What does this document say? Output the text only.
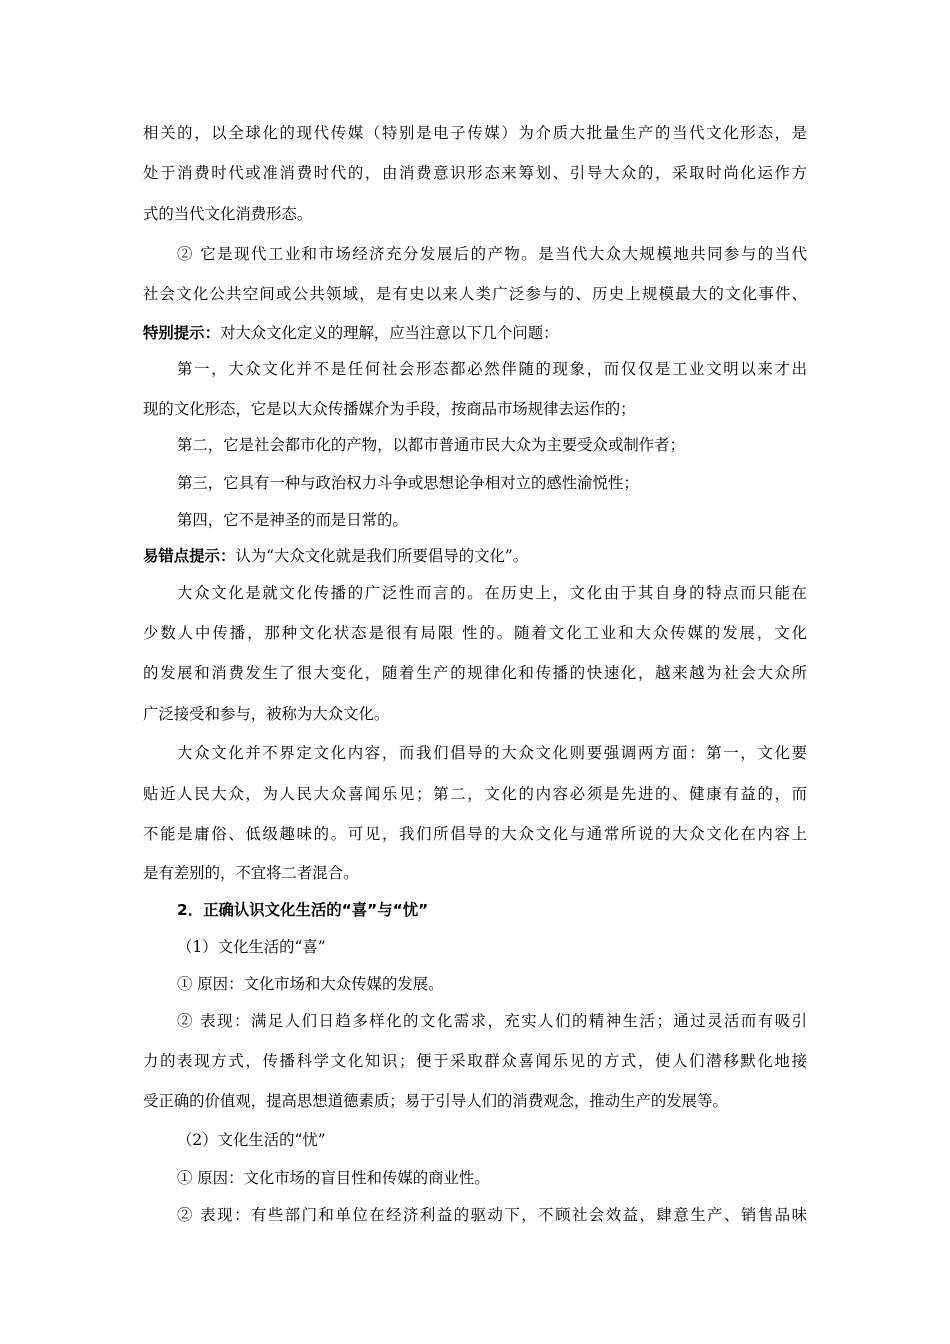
相关的，以全球化的现代传媒（特别是电子传媒）为介质大批量生产的当代文化形态，是
处于消费时代或准消费时代的，由消费意识形态来筹划、引导大众的，采取时尚化运作方
式的当代文化消费形态。
② 它是现代工业和市场经济充分发展后的产物。是当代大众大规模地共同参与的当代
社会文化公共空间或公共领域，是有史以来人类广泛参与的、历史上规模最大的文化事件、
特别提示：对大众文化定义的理解，应当注意以下几个问题：
第一，大众文化并不是任何社会形态都必然伴随的现象，而仅仅是工业文明以来才出
现的文化形态，它是以大众传播媒介为手段，按商品市场规律去运作的；
第二，它是社会都市化的产物，以都市普通市民大众为主要受众或制作者；
第三，它具有一种与政治权力斗争或思想论争相对立的感性渝悦性；
第四，它不是神圣的而是日常的。
易错点提示：认为“大众文化就是我们所要倡导的文化”。
大众文化是就文化传播的广泛性而言的。在历史上，文化由于其自身的特点而只能在
少数人中传播，那种文化状态是很有局限 性的。随着文化工业和大众传媒的发展，文化
的发展和消费发生了很大变化，随着生产的规律化和传播的快速化，越来越为社会大众所
广泛接受和参与，被称为大众文化。
大众文化并不界定文化内容，而我们倡导的大众文化则要强调两方面：第一，文化要
贴近人民大众，为人民大众喜闻乐见；第二，文化的内容必须是先进的、健康有益的，而
不能是庸俗、低级趣味的。可见，我们所倡导的大众文化与通常所说的大众文化在内容上
是有差别的，不宜将二者混合。
2．正确认识文化生活的“喜”与“忧”
（1）文化生活的“喜”
① 原因：文化市场和大众传媒的发展。
② 表现：满足人们日趋多样化的文化需求，充实人们的精神生活；通过灵活而有吸引
力的表现方式，传播科学文化知识；便于采取群众喜闻乐见的方式，使人们潜移默化地接
受正确的价值观，提高思想道德素质；易于引导人们的消费观念，推动生产的发展等。
（2）文化生活的“忧”
① 原因：文化市场的盲目性和传媒的商业性。
② 表现：有些部门和单位在经济利益的驱动下，不顾社会效益，肆意生产、销售品味
